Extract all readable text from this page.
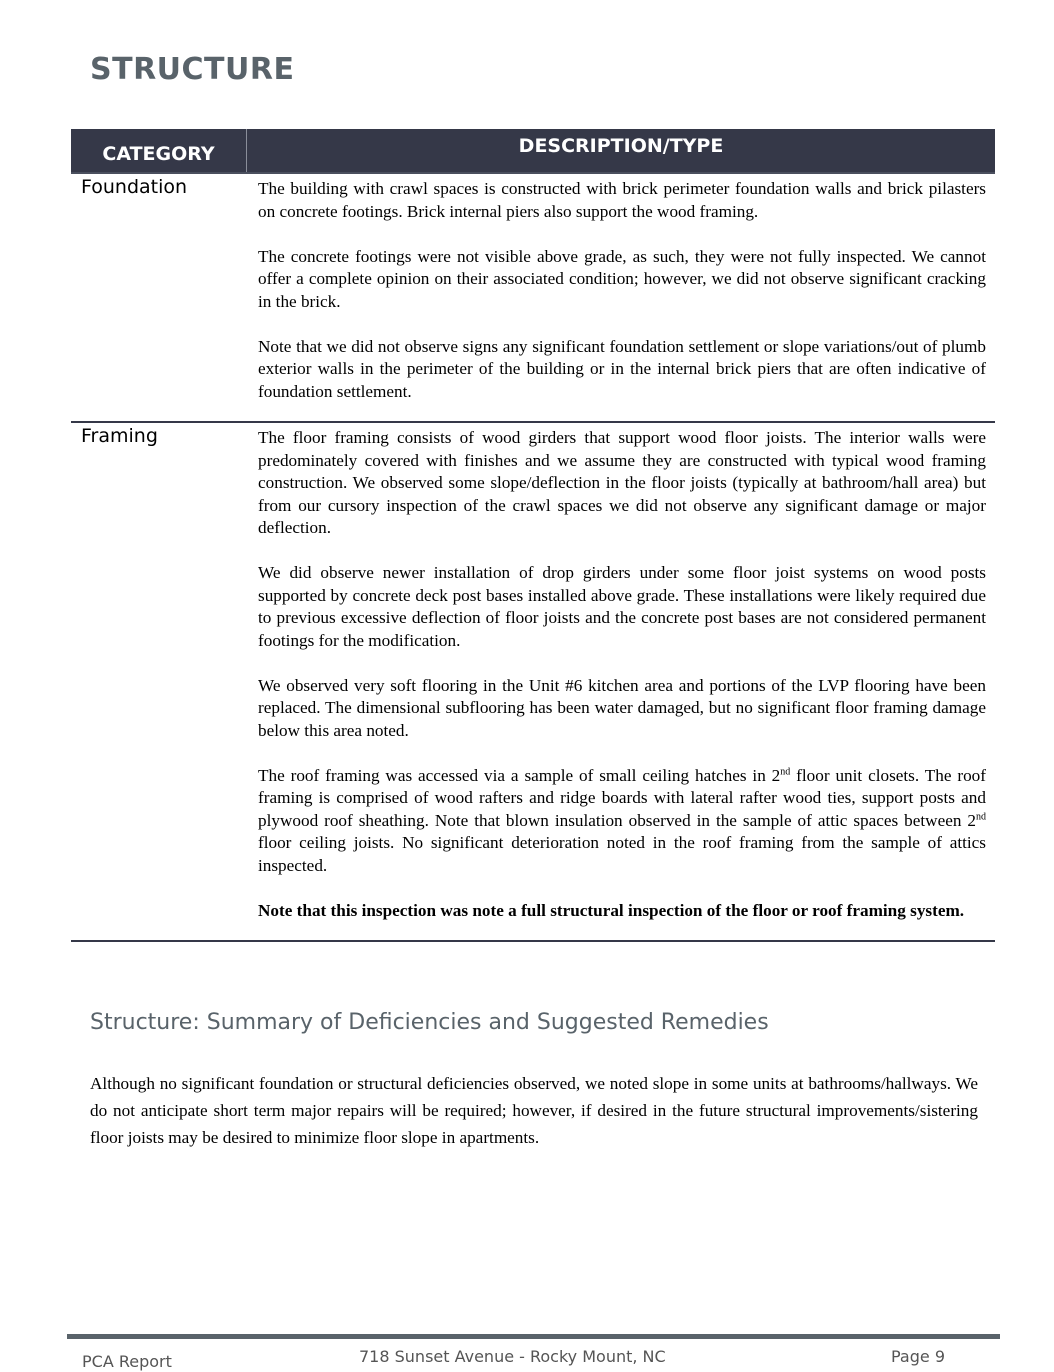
STRUCTURE
CATEGORY	DESCRIPTION/TYPE
Foundation	The building with crawl spaces is constructed with brick perimeter foundation walls and brick pilasters on concrete footings. Brick internal piers also support the wood framing.

The concrete footings were not visible above grade, as such, they were not fully inspected. We cannot offer a complete opinion on their associated condition; however, we did not observe significant cracking in the brick.

Note that we did not observe signs any significant foundation settlement or slope variations/out of plumb exterior walls in the perimeter of the building or in the internal brick piers that are often indicative of foundation settlement.

Framing	The floor framing consists of wood girders that support wood floor joists. The interior walls were predominately covered with finishes and we assume they are constructed with typical wood framing construction. We observed some slope/deflection in the floor joists (typically at bathroom/hall area) but from our cursory inspection of the crawl spaces we did not observe any significant damage or major deflection.

We did observe newer installation of drop girders under some floor joist systems on wood posts supported by concrete deck post bases installed above grade. These installations were likely required due to previous excessive deflection of floor joists and the concrete post bases are not considered permanent footings for the modification.

We observed very soft flooring in the Unit #6 kitchen area and portions of the LVP flooring have been replaced. The dimensional subflooring has been water damaged, but no significant floor framing damage below this area noted.

The roof framing was accessed via a sample of small ceiling hatches in 2nd floor unit closets. The roof framing is comprised of wood rafters and ridge boards with lateral rafter wood ties, support posts and plywood roof sheathing. Note that blown insulation observed in the sample of attic spaces between 2nd floor ceiling joists. No significant deterioration noted in the roof framing from the sample of attics inspected.

Note that this inspection was note a full structural inspection of the floor or roof framing system.

Structure: Summary of Deficiencies and Suggested Remedies
Although no significant foundation or structural deficiencies observed, we noted slope in some units at bathrooms/hallways. We do not anticipate short term major repairs will be required; however, if desired in the future structural improvements/sistering floor joists may be desired to minimize floor slope in apartments.
PCA Report	718 Sunset Avenue - Rocky Mount, NC	Page 9
